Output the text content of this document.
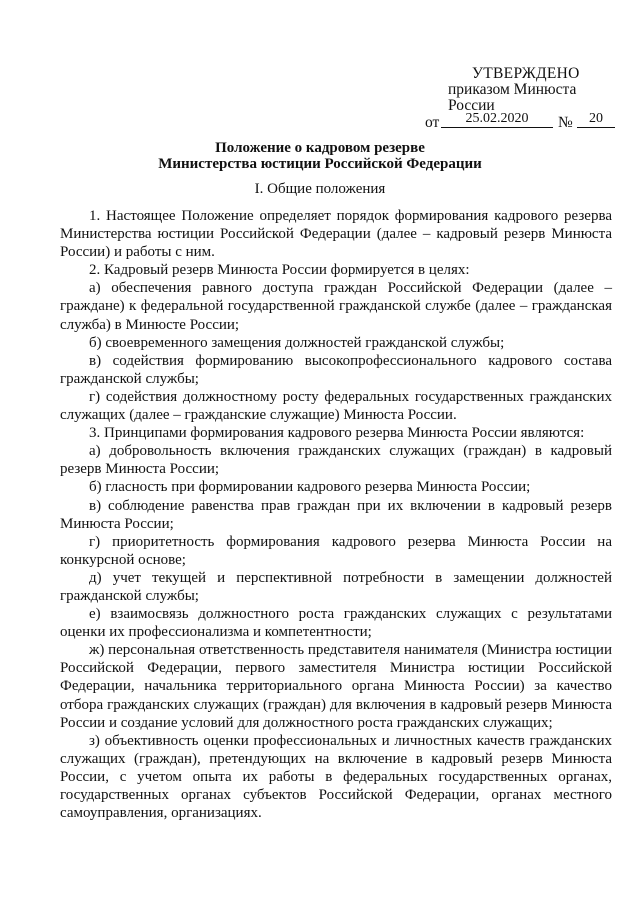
УТВЕРЖДЕНО
приказом Минюста России
от	25.02.2020	№	20
Положение о кадровом резерве
Министерства юстиции Российской Федерации
I. Общие положения

1. Настоящее Положение определяет порядок формирования кадрового резерва Министерства юстиции Российской Федерации (далее – кадровый резерв Минюста России) и работы с ним.

2. Кадровый резерв Минюста России формируется в целях:

а) обеспечения равного доступа граждан Российской Федерации (далее – граждане) к федеральной государственной гражданской службе (далее – гражданская служба) в Минюсте России;

б) своевременного замещения должностей гражданской службы;

в) содействия формированию высокопрофессионального кадрового состава гражданской службы;

г) содействия должностному росту федеральных государственных гражданских служащих (далее – гражданские служащие) Минюста России.

3. Принципами формирования кадрового резерва Минюста России являются:

а) добровольность включения гражданских служащих (граждан) в кадровый резерв Минюста России;

б) гласность при формировании кадрового резерва Минюста России;

в) соблюдение равенства прав граждан при их включении в кадровый резерв Минюста России;

г) приоритетность формирования кадрового резерва Минюста России на конкурсной основе;

д) учет текущей и перспективной потребности в замещении должностей гражданской службы;

е) взаимосвязь должностного роста гражданских служащих с результатами оценки их профессионализма и компетентности;

ж) персональная ответственность представителя нанимателя (Министра юстиции Российской Федерации, первого заместителя Министра юстиции Российской Федерации, начальника территориального органа Минюста России) за качество отбора гражданских служащих (граждан) для включения в кадровый резерв Минюста России и создание условий для должностного роста гражданских служащих;

з) объективность оценки профессиональных и личностных качеств гражданских служащих (граждан), претендующих на включение в кадровый резерв Минюста России, с учетом опыта их работы в федеральных государственных органах, государственных органах субъектов Российской Федерации, органах местного самоуправления, организациях.
